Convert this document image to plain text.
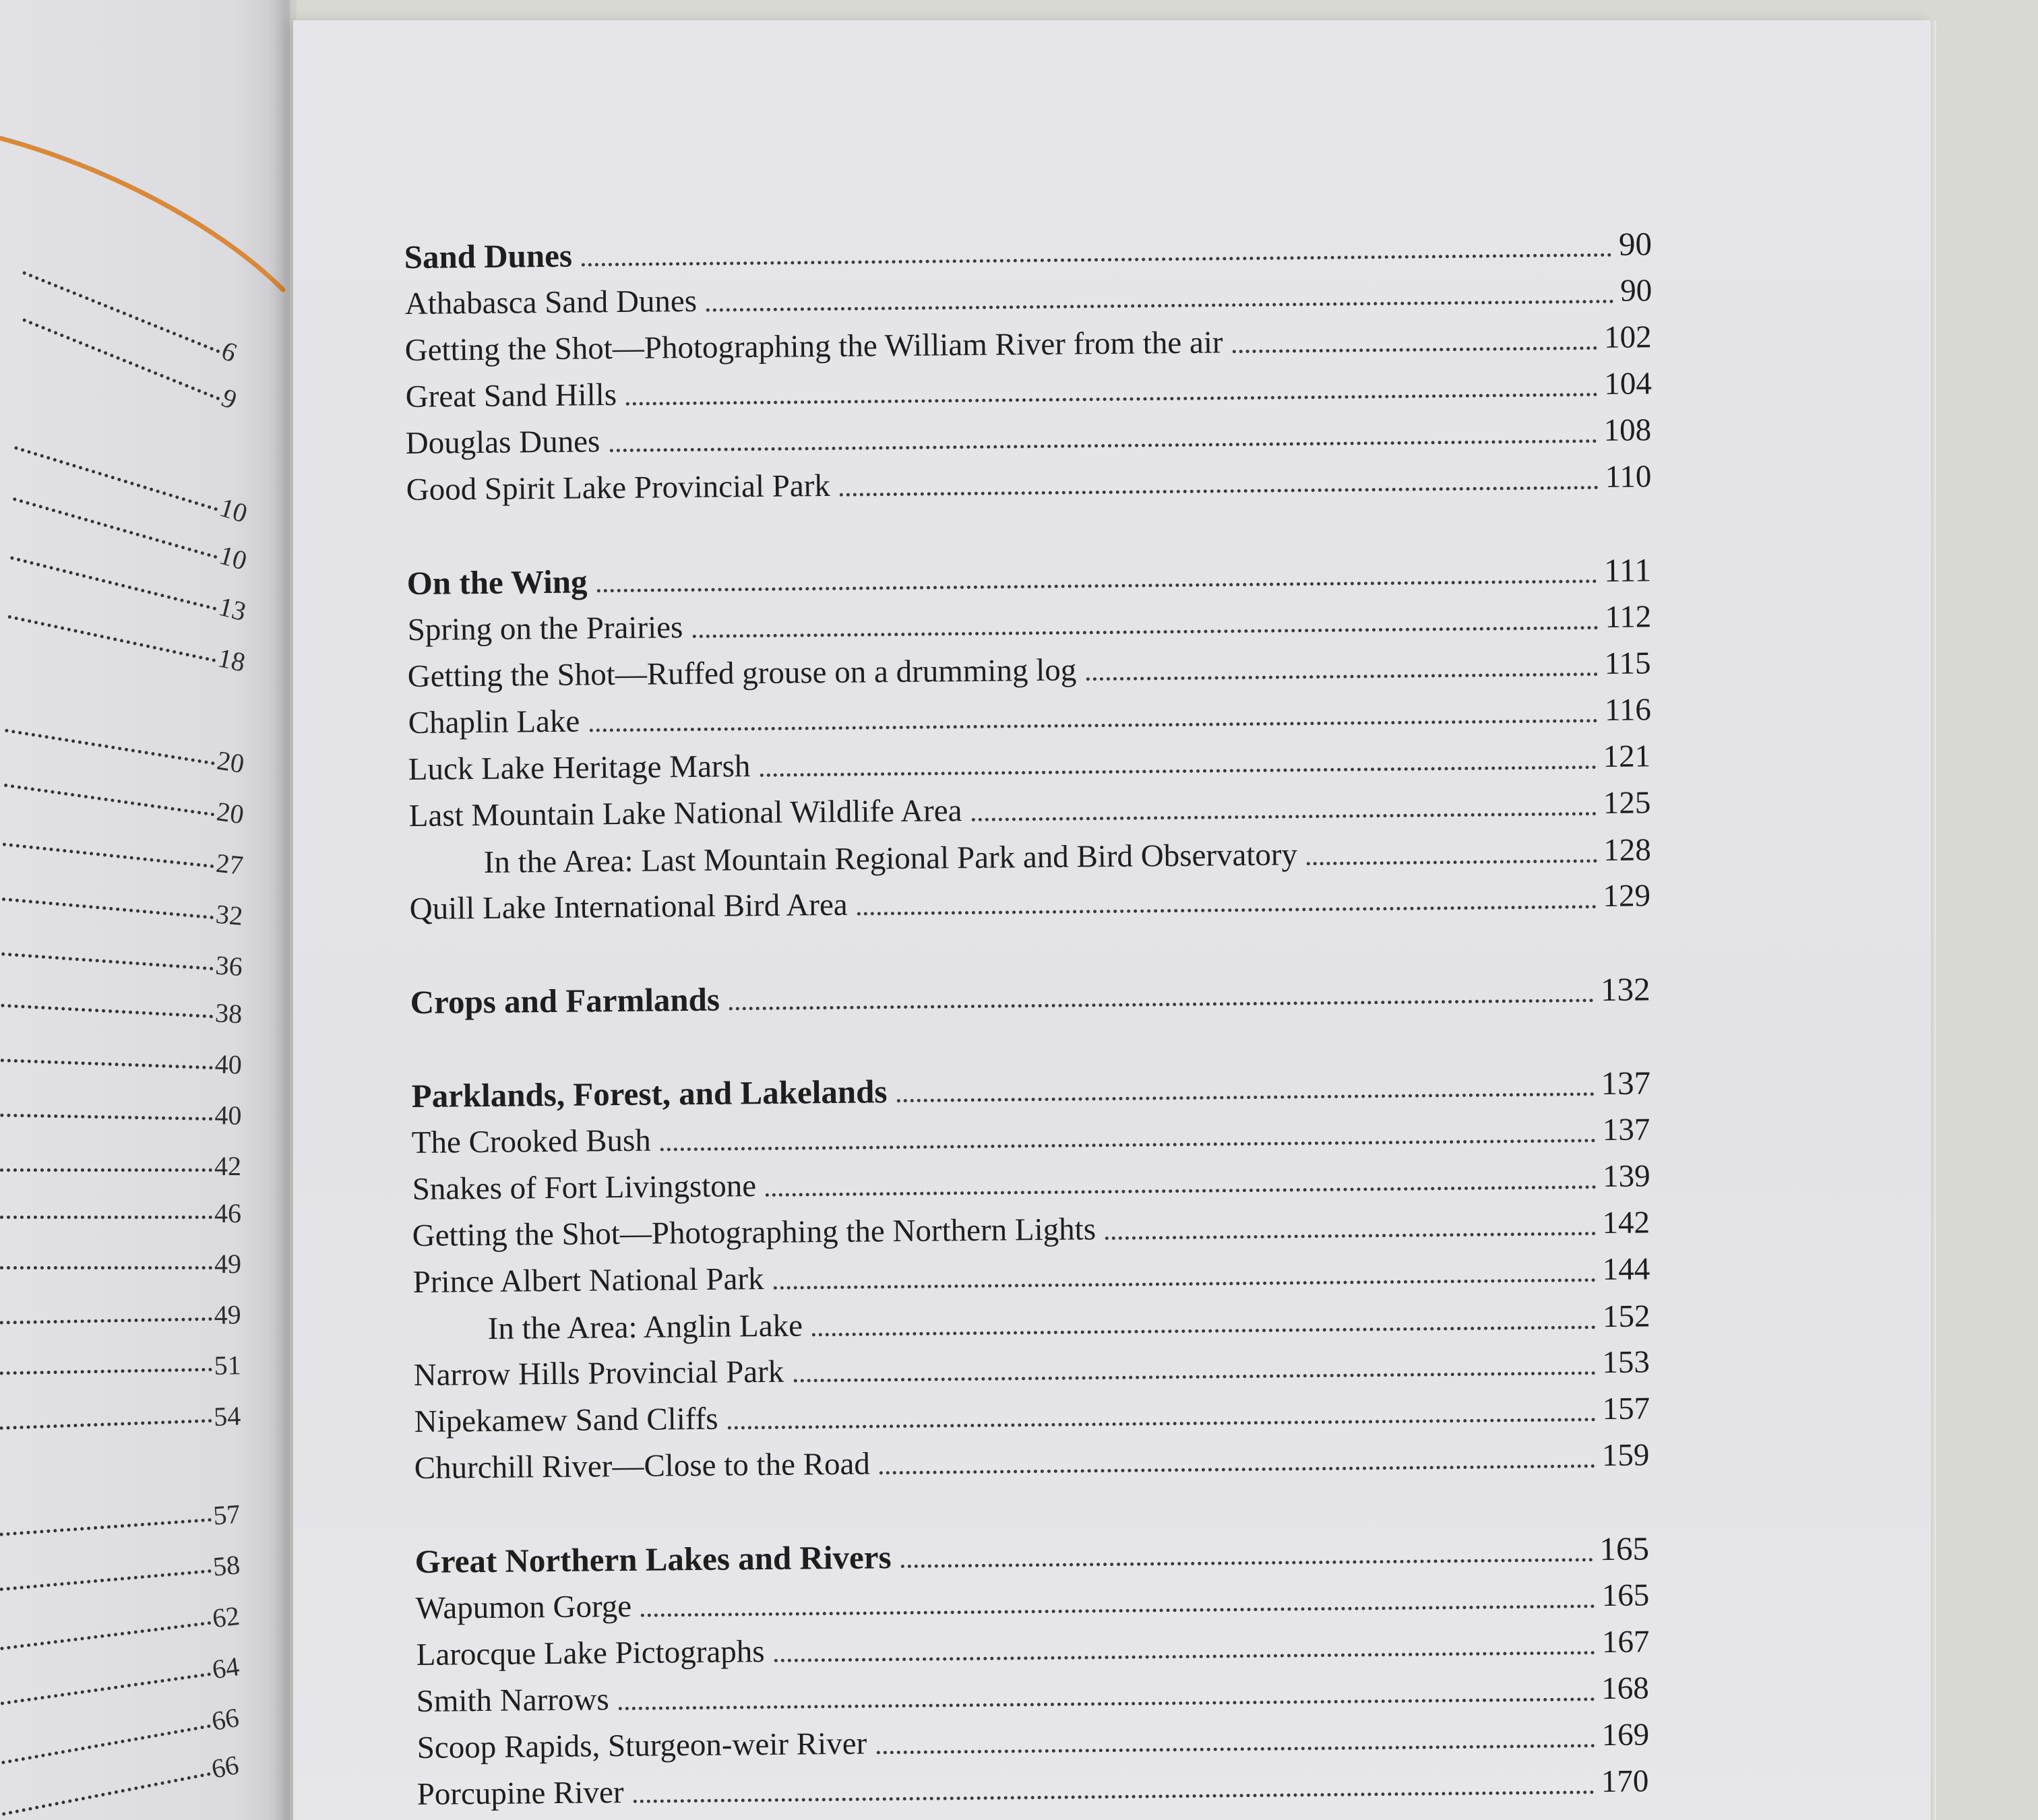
6
9
10
10
13
18
20
20
27
32
36
38
40
40
42
46
49
49
51
54
57
58
62
64
66
66
Sand Dunes	90
Athabasca Sand Dunes	90
Getting the Shot—Photographing the William River from the air	102
Great Sand Hills	104
Douglas Dunes	108
Good Spirit Lake Provincial Park	110
On the Wing	111
Spring on the Prairies	112
Getting the Shot—Ruffed grouse on a drumming log	115
Chaplin Lake	116
Luck Lake Heritage Marsh	121
Last Mountain Lake National Wildlife Area	125
In the Area: Last Mountain Regional Park and Bird Observatory	128
Quill Lake International Bird Area	129
Crops and Farmlands	132
Parklands, Forest, and Lakelands	137
The Crooked Bush	137
Snakes of Fort Livingstone	139
Getting the Shot—Photographing the Northern Lights	142
Prince Albert National Park	144
In the Area: Anglin Lake	152
Narrow Hills Provincial Park	153
Nipekamew Sand Cliffs	157
Churchill River—Close to the Road	159
Great Northern Lakes and Rivers	165
Wapumon Gorge	165
Larocque Lake Pictographs	167
Smith Narrows	168
Scoop Rapids, Sturgeon-weir River	169
Porcupine River	170
